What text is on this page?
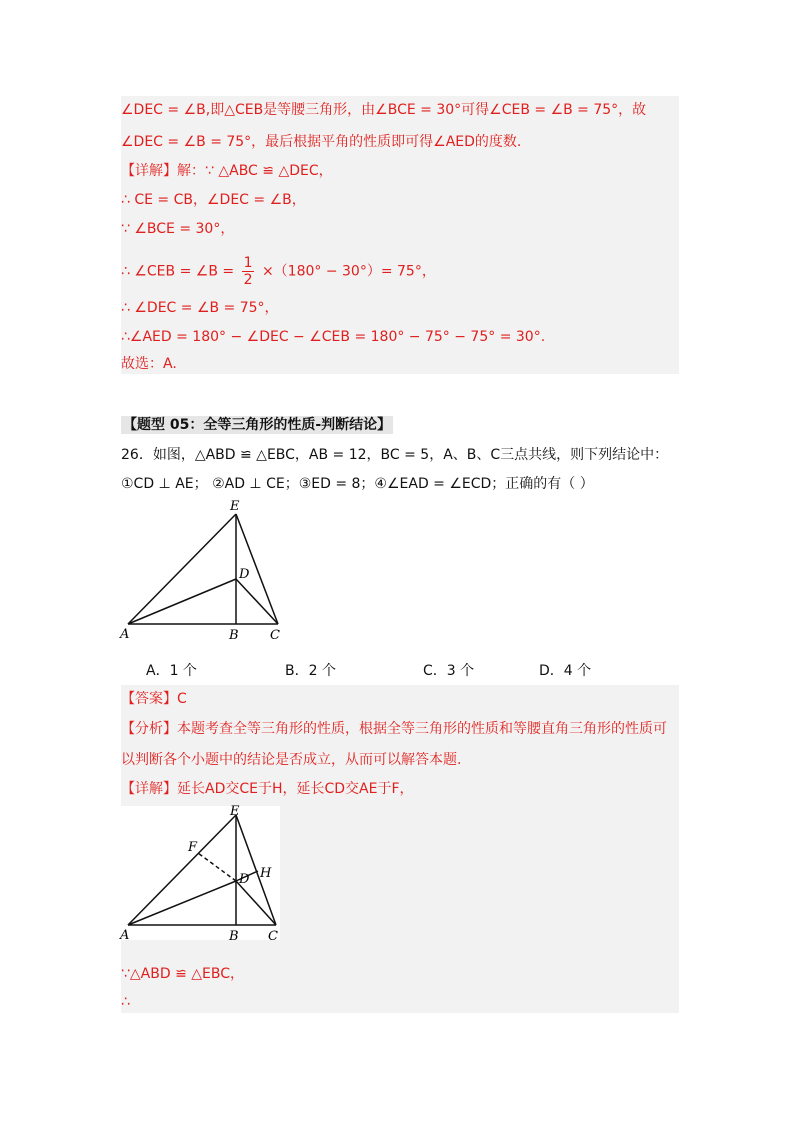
∠DEC = ∠B,即△CEB是等腰三角形，由∠BCE = 30°可得∠CEB = ∠B = 75°，故
∠DEC = ∠B = 75°，最后根据平角的性质即可得∠AED的度数.
【详解】解：∵ △ABC ≌ △DEC，
∴ CE = CB，∠DEC = ∠B，
∵ ∠BCE = 30°，
∴ ∠CEB = ∠B = $\frac{1}{2} \times(180^\circ - 30^\circ)= 75^\circ$，
∴ ∠DEC = ∠B = 75°，
∴∠AED = 180° − ∠DEC − ∠CEB = 180° − 75° − 75° = 30°.
故选：A.
【题型 05：全等三角形的性质-判断结论】
26．如图，△ABD ≌ △EBC，AB = 12，BC = 5，A、B、C三点共线，则下列结论中：
①CD ⊥ AE； ②AD ⊥ CE；③ED = 8；④∠EAD = ∠ECD；正确的有（ ）
E
D
A	B C
A．1 个	B．2 个	C．3 个	D．4 个
【答案】C
【分析】本题考查全等三角形的性质，根据全等三角形的性质和等腰直角三角形的性质可
以判断各个小题中的结论是否成立，从而可以解答本题.
【详解】延长AD交CE于H，延长CD交AE于F，
E
F
D H
A	B C
∵△ABD ≌ △EBC，
∴
